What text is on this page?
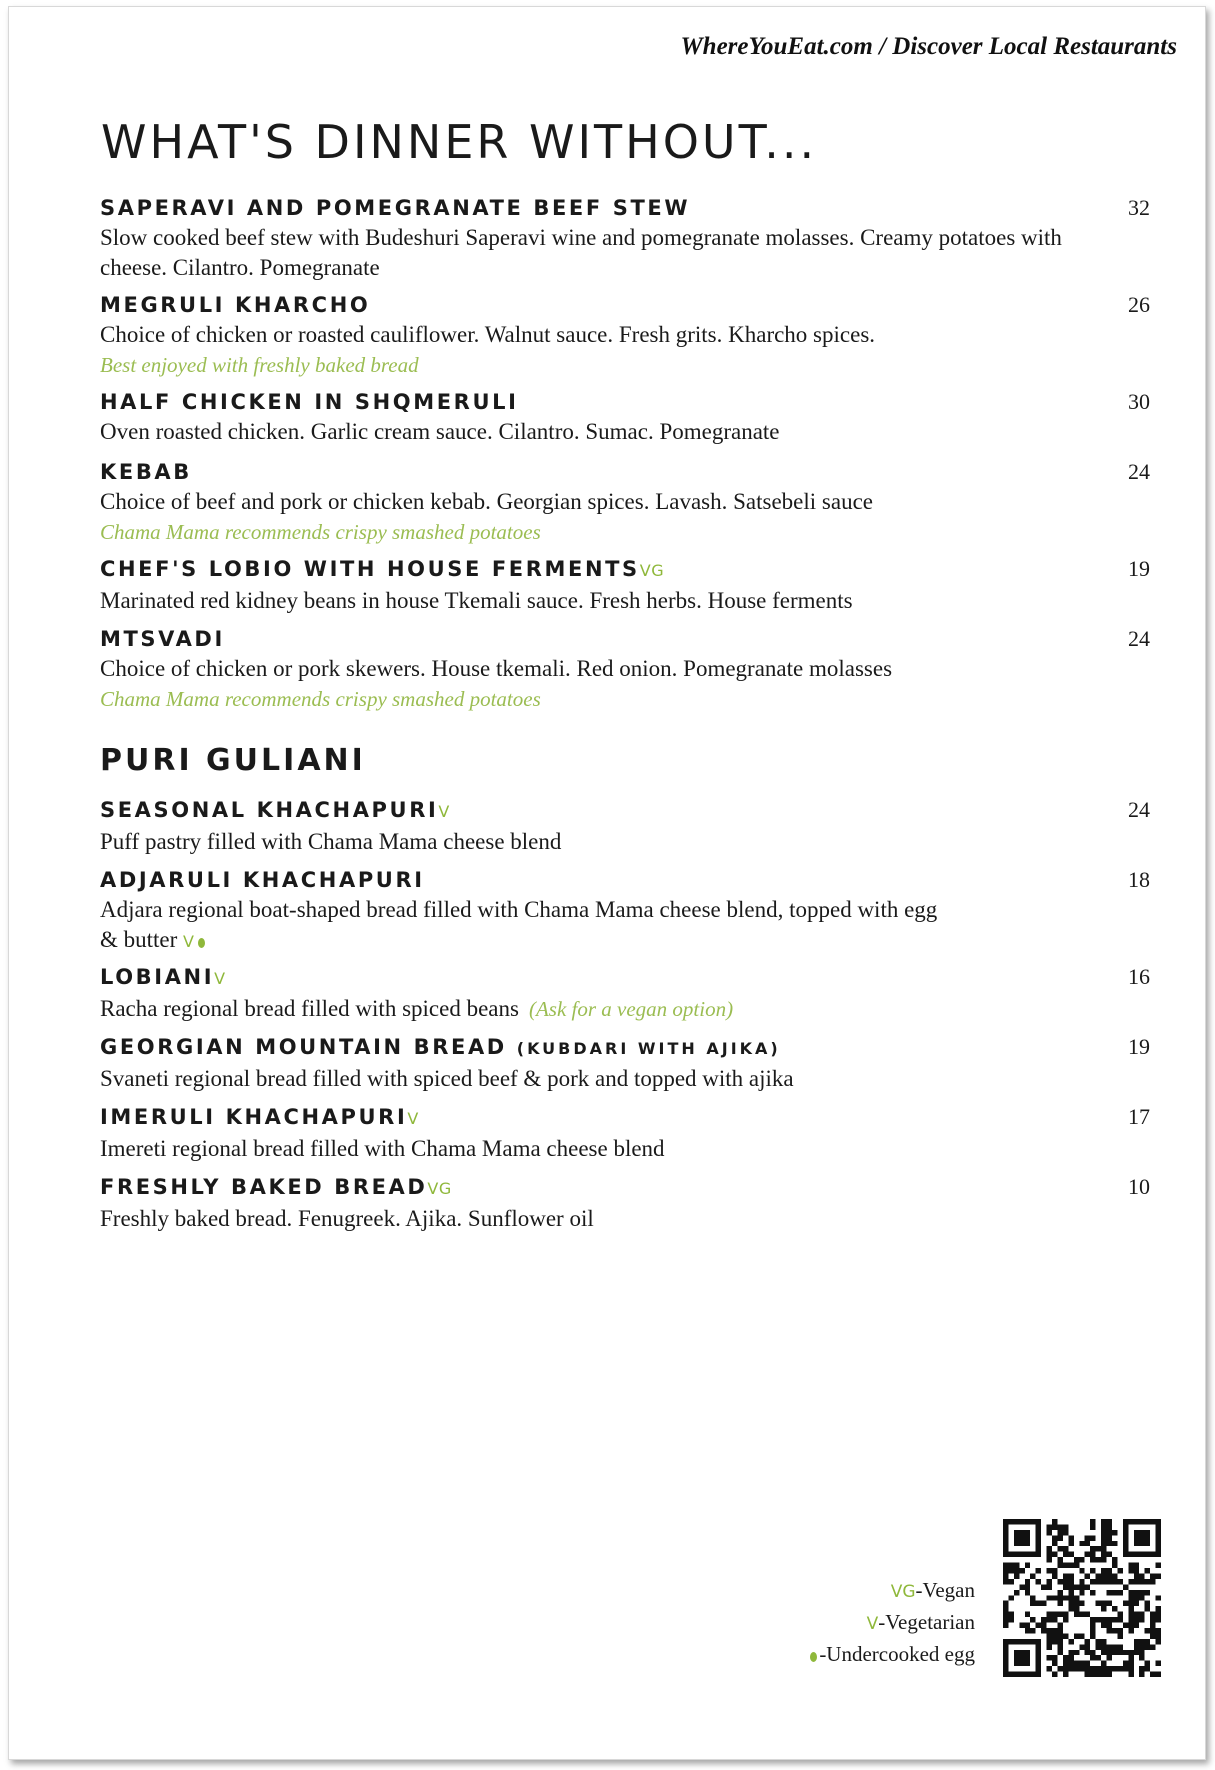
WhereYouEat.com / Discover Local Restaurants
WHAT'S DINNER WITHOUT...
SAPERAVI AND POMEGRANATE BEEF STEW	32
Slow cooked beef stew with Budeshuri Saperavi wine and pomegranate molasses. Creamy potatoes with cheese. Cilantro. Pomegranate
MEGRULI KHARCHO	26
Choice of chicken or roasted cauliflower. Walnut sauce. Fresh grits. Kharcho spices.
Best enjoyed with freshly baked bread
HALF CHICKEN IN SHQMERULI	30
Oven roasted chicken. Garlic cream sauce. Cilantro. Sumac. Pomegranate
KEBAB	24
Choice of beef and pork or chicken kebab. Georgian spices. Lavash. Satsebeli sauce
Chama Mama recommends crispy smashed potatoes
CHEF'S LOBIO WITH HOUSE FERMENTSVG	19
Marinated red kidney beans in house Tkemali sauce. Fresh herbs. House ferments
MTSVADI	24
Choice of chicken or pork skewers. House tkemali. Red onion. Pomegranate molasses
Chama Mama recommends crispy smashed potatoes
PURI GULIANI
SEASONAL KHACHAPURIV	24
Puff pastry filled with Chama Mama cheese blend
ADJARULI KHACHAPURI	18
Adjara regional boat-shaped bread filled with Chama Mama cheese blend, topped with egg & butter V
LOBIANIV	16
Racha regional bread filled with spiced beans (Ask for a vegan option)
GEORGIAN MOUNTAIN BREAD (KUBDARI WITH AJIKA)	19
Svaneti regional bread filled with spiced beef & pork and topped with ajika
IMERULI KHACHAPURIV	17
Imereti regional bread filled with Chama Mama cheese blend
FRESHLY BAKED BREADVG	10
Freshly baked bread. Fenugreek. Ajika. Sunflower oil
VG-Vegan
V-Vegetarian
-Undercooked egg
